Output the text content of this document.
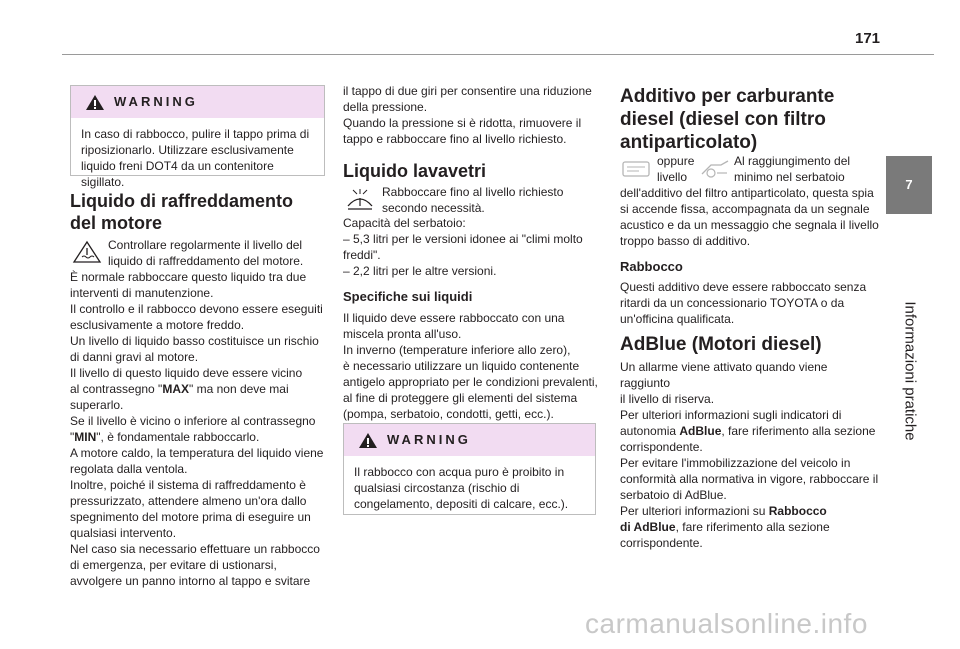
171
7
Informazioni pratiche
WARNING

In caso di rabbocco, pulire il tappo prima di

riposizionarlo. Utilizzare esclusivamente

liquido freni DOT4 da un contenitore sigillato.

Liquido di raffreddamento
del motore

Controllare regolarmente il livello del

liquido di raffreddamento del motore.

È normale rabboccare questo liquido tra due

interventi di manutenzione.

Il controllo e il rabbocco devono essere eseguiti

esclusivamente a motore freddo.

Un livello di liquido basso costituisce un rischio

di danni gravi al motore.

Il livello di questo liquido deve essere vicino

al contrassegno "MAX" ma non deve mai

superarlo.

Se il livello è vicino o inferiore al contrassegno

"MIN", è fondamentale rabboccarlo.

A motore caldo, la temperatura del liquido viene

regolata dalla ventola.

Inoltre, poiché il sistema di raffreddamento è

pressurizzato, attendere almeno un'ora dallo

spegnimento del motore prima di eseguire un

qualsiasi intervento.

Nel caso sia necessario effettuare un rabbocco

di emergenza, per evitare di ustionarsi,

avvolgere un panno intorno al tappo e svitare

il tappo di due giri per consentire una riduzione

della pressione.

Quando la pressione si è ridotta, rimuovere il

tappo e rabboccare fino al livello richiesto.

Liquido lavavetri

Rabboccare fino al livello richiesto

secondo necessità.

Capacità del serbatoio:

– 5,3 litri per le versioni idonee ai "climi molto

freddi".

– 2,2 litri per le altre versioni.

Specifiche sui liquidi

Il liquido deve essere rabboccato con una

miscela pronta all'uso.

In inverno (temperature inferiore allo zero),

è necessario utilizzare un liquido contenente

antigelo appropriato per le condizioni prevalenti,

al fine di proteggere gli elementi del sistema

(pompa, serbatoio, condotti, getti, ecc.).

WARNING

Il rabbocco con acqua puro è proibito in

qualsiasi circostanza (rischio di

congelamento, depositi di calcare, ecc.).

Additivo per carburante
diesel (diesel con filtro
antiparticolato)

oppure

livello

Al raggiungimento del

minimo nel serbatoio

dell'additivo del filtro antiparticolato, questa spia

si accende fissa, accompagnata da un segnale

acustico e da un messaggio che segnala il livello

troppo basso di additivo.

Rabbocco

Questi additivo deve essere rabboccato senza

ritardi da un concessionario TOYOTA o da

un'officina qualificata.

AdBlue (Motori diesel)

Un allarme viene attivato quando viene raggiunto

il livello di riserva.

Per ulteriori informazioni sugli indicatori di

autonomia AdBlue, fare riferimento alla sezione

corrispondente.

Per evitare l'immobilizzazione del veicolo in

conformità alla normativa in vigore, rabboccare il

serbatoio di AdBlue.

Per ulteriori informazioni su Rabbocco

di AdBlue, fare riferimento alla sezione

corrispondente.

carmanualsonline.info
